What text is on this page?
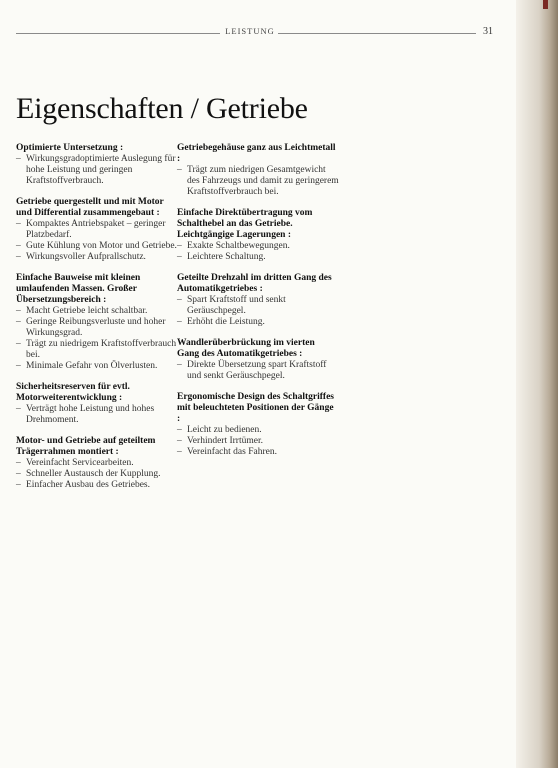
LEISTUNG	31
Eigenschaften / Getriebe

Optimierte Untersetzung :

– Wirkungsgradoptimierte Auslegung für hohe Leistung und geringen Kraftstoffverbrauch.

Getriebe quergestellt und mit Motor und Differential zusammengebaut :

– Kompaktes Antriebspaket – geringer Platzbedarf.
– Gute Kühlung von Motor und Getriebe.
– Wirkungsvoller Aufprallschutz.

Einfache Bauweise mit kleinen umlaufenden Massen. Großer Übersetzungsbereich :

– Macht Getriebe leicht schaltbar.
– Geringe Reibungsverluste und hoher Wirkungsgrad.
– Trägt zu niedrigem Kraftstoffverbrauch bei.
– Minimale Gefahr von Ölverlusten.

Sicherheitsreserven für evtl. Motorweiterentwicklung :

– Verträgt hohe Leistung und hohes Drehmoment.

Motor- und Getriebe auf geteiltem Trägerrahmen montiert :

– Vereinfacht Servicearbeiten.
– Schneller Austausch der Kupplung.
– Einfacher Ausbau des Getriebes.

Getriebegehäuse ganz aus Leichtmetall :

– Trägt zum niedrigen Gesamtgewicht des Fahrzeugs und damit zu geringerem Kraftstoffverbrauch bei.

Einfache Direktübertragung vom Schalthebel an das Getriebe. Leichtgängige Lagerungen :

– Exakte Schaltbewegungen.
– Leichtere Schaltung.

Geteilte Drehzahl im dritten Gang des Automatikgetriebes :

– Spart Kraftstoff und senkt Geräuschpegel.
– Erhöht die Leistung.

Wandlerüberbrückung im vierten Gang des Automatikgetriebes :

– Direkte Übersetzung spart Kraftstoff und senkt Geräuschpegel.

Ergonomische Design des Schaltgriffes mit beleuchteten Positionen der Gänge :

– Leicht zu bedienen.
– Verhindert Irrtümer.
– Vereinfacht das Fahren.
